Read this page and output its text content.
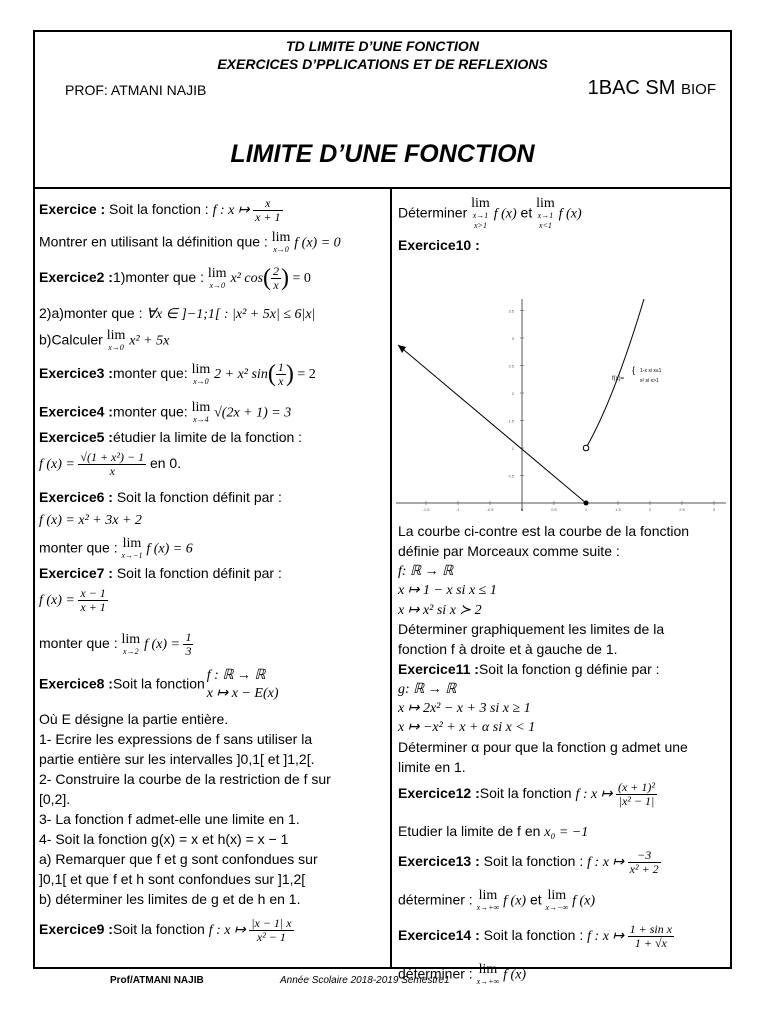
TD LIMITE D’UNE FONCTION
EXERCICES D’PPLICATIONS ET DE REFLEXIONS
PROF: ATMANI NAJIB	1BAC SM BIOF
LIMITE D’UNE FONCTION
Exercice : Soit la fonction : f : x ↦ $\frac{x}{x + 1}$
Montrer en utilisant la définition que : lim
x→0 f (x) = 0
Exercice2 :1)monter que : lim
x→0 x² $\cos( \frac{2}{x}$ ) = 0
2)a)monter que : ∀x ∈ ]−1;1[ : |x² + 5x| ≤ 6|x|
b)Calculer lim
x→0 x² + 5x
Exercice3 :monter que: lim
x→0 2 + x² $\sin( \frac{1}{x}$ ) = 2
Exercice4 :monter que: lim
x→4 √(2x + 1) = 3
Exercice5 :étudier la limite de la fonction :
f $(x) = \frac{\text{√(1 + x²) − 1}}{x}$ en 0.
Exercice6 : Soit la fonction définit par :
f (x) = x² + 3x + 2
monter que : lim
x→−1 f (x) = 6
Exercice7 : Soit la fonction définit par :
f $(x) = \frac{x - 1}{x + 1}$
monter que : lim
x→2 f $(x) = \frac{1}{3}$
Exercice8 :Soit la fonction
f : ℝ → ℝ
x ↦ x − E(x)
Où E désigne la partie entière.
1- Ecrire les expressions de f sans utiliser la
partie entière sur les intervalles ]0,1[ et ]1,2[.
2- Construire la courbe de la restriction de f sur
[0,2].
3- La fonction f admet-elle une limite en 1.
4- Soit la fonction g(x) = x et h(x) = x − 1
a) Remarquer que f et g sont confondues sur
]0,1[ et que f et h sont confondues sur ]1,2[
b) déterminer les limites de g et de h en 1.
Exercice9 :Soit la fonction f : x ↦ $\frac{|x - 1| x}{\text{x² − 1}}$
Déterminer
lim
x→1
x>1
f (x) et
lim
x→1
x<1
f (x)
Exercice10 :
3.5
3
2.5
2
1.5
1
0.5
-1.5	-1	-0.5	0	0.5	1	1.5	2	2.5	3
f(x)=
{ 1-x si x≤1
x² si x>1
La courbe ci-contre est la courbe de la fonction
définie par Morceaux comme suite :
f: ℝ → ℝ
x ↦ 1 − x si x ≤ 1
x ↦ x² si x ≻ 2
Déterminer graphiquement les limites de la
fonction f à droite et à gauche de 1.
Exercice11 :Soit la fonction g définie par :
g: ℝ → ℝ
x ↦ 2x² − x + 3 si x ≥ 1
x ↦ −x² + x + α si x < 1
Déterminer α pour que la fonction g admet une
limite en 1.
Exercice12 :Soit la fonction f : x ↦ $\frac{\text{(x + 1)²}}{\text{|x² − 1|}}$
Etudier la limite de f en x₀ = −1
Exercice13 : Soit la fonction : f : x ↦ $\frac{-3}{\text{x² + 2}}$
déterminer : lim
x→+∞ f (x) et lim
x→−∞ f (x)
Exercice14 : Soit la fonction : f : x ↦ $\frac{\text{1 + sin x}}{1 + √x}$
déterminer : lim
x→+∞ f (x)
Prof/ATMANI NAJIB	Année Scolaire 2018-2019 Semestre1
